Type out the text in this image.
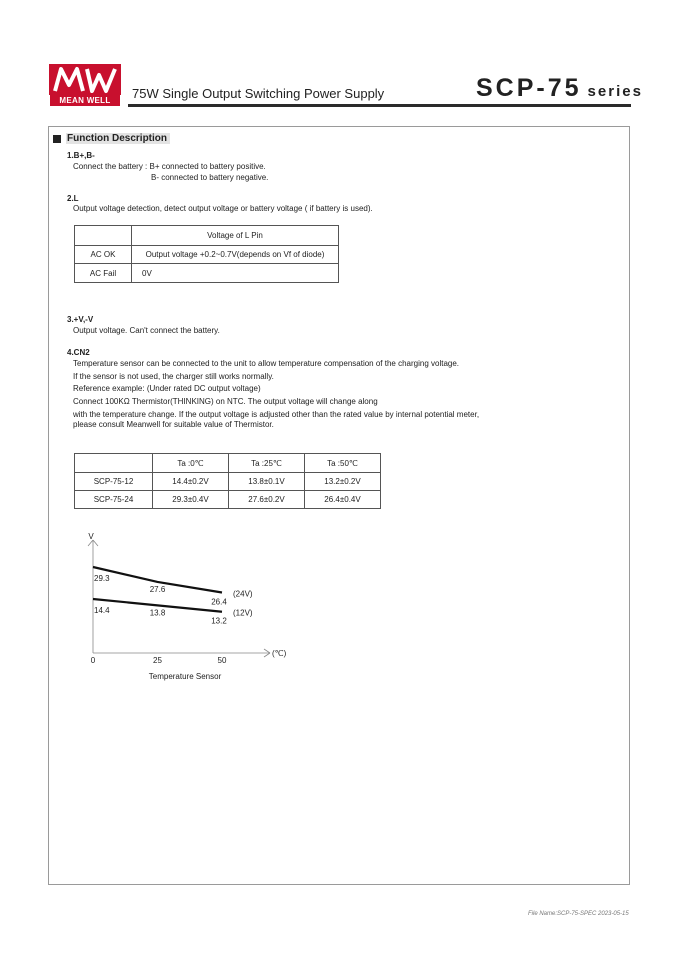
MEAN WELL	75W Single Output Switching Power Supply	SCP-75 series
Function Description
1.B+,B-
Connect the battery : B+ connected to battery positive.
B- connected to battery negative.
2.L
Output voltage detection, detect output voltage or battery voltage ( if battery is used).
	Voltage of L Pin
AC OK	Output voltage +0.2~0.7V(depends on Vf of diode)
AC Fail	0V
3.+V,-V
Output voltage. Can't connect the battery.
4.CN2
Temperature sensor can be connected to the unit to allow temperature compensation of the charging voltage.
If the sensor is not used, the charger still works normally.
Reference example: (Under rated DC output voltage)
Connect 100KΩ Thermistor(THINKING) on NTC. The output voltage will change along
with the temperature change. If the output voltage is adjusted other than the rated value by internal potential meter,
please consult Meanwell for suitable value of Thermistor.
	Ta :0℃	Ta :25℃	Ta :50℃
SCP-75-12	14.4±0.2V	13.8±0.1V	13.2±0.2V
SCP-75-24	29.3±0.4V	27.6±0.2V	26.4±0.4V
V
(℃)
Temperature Sensor
29.3
27.6
26.4
(24V)
14.4	13.8
13.2
(12V)
0	25	50
File Name:SCP-75-SPEC 2023-05-15
